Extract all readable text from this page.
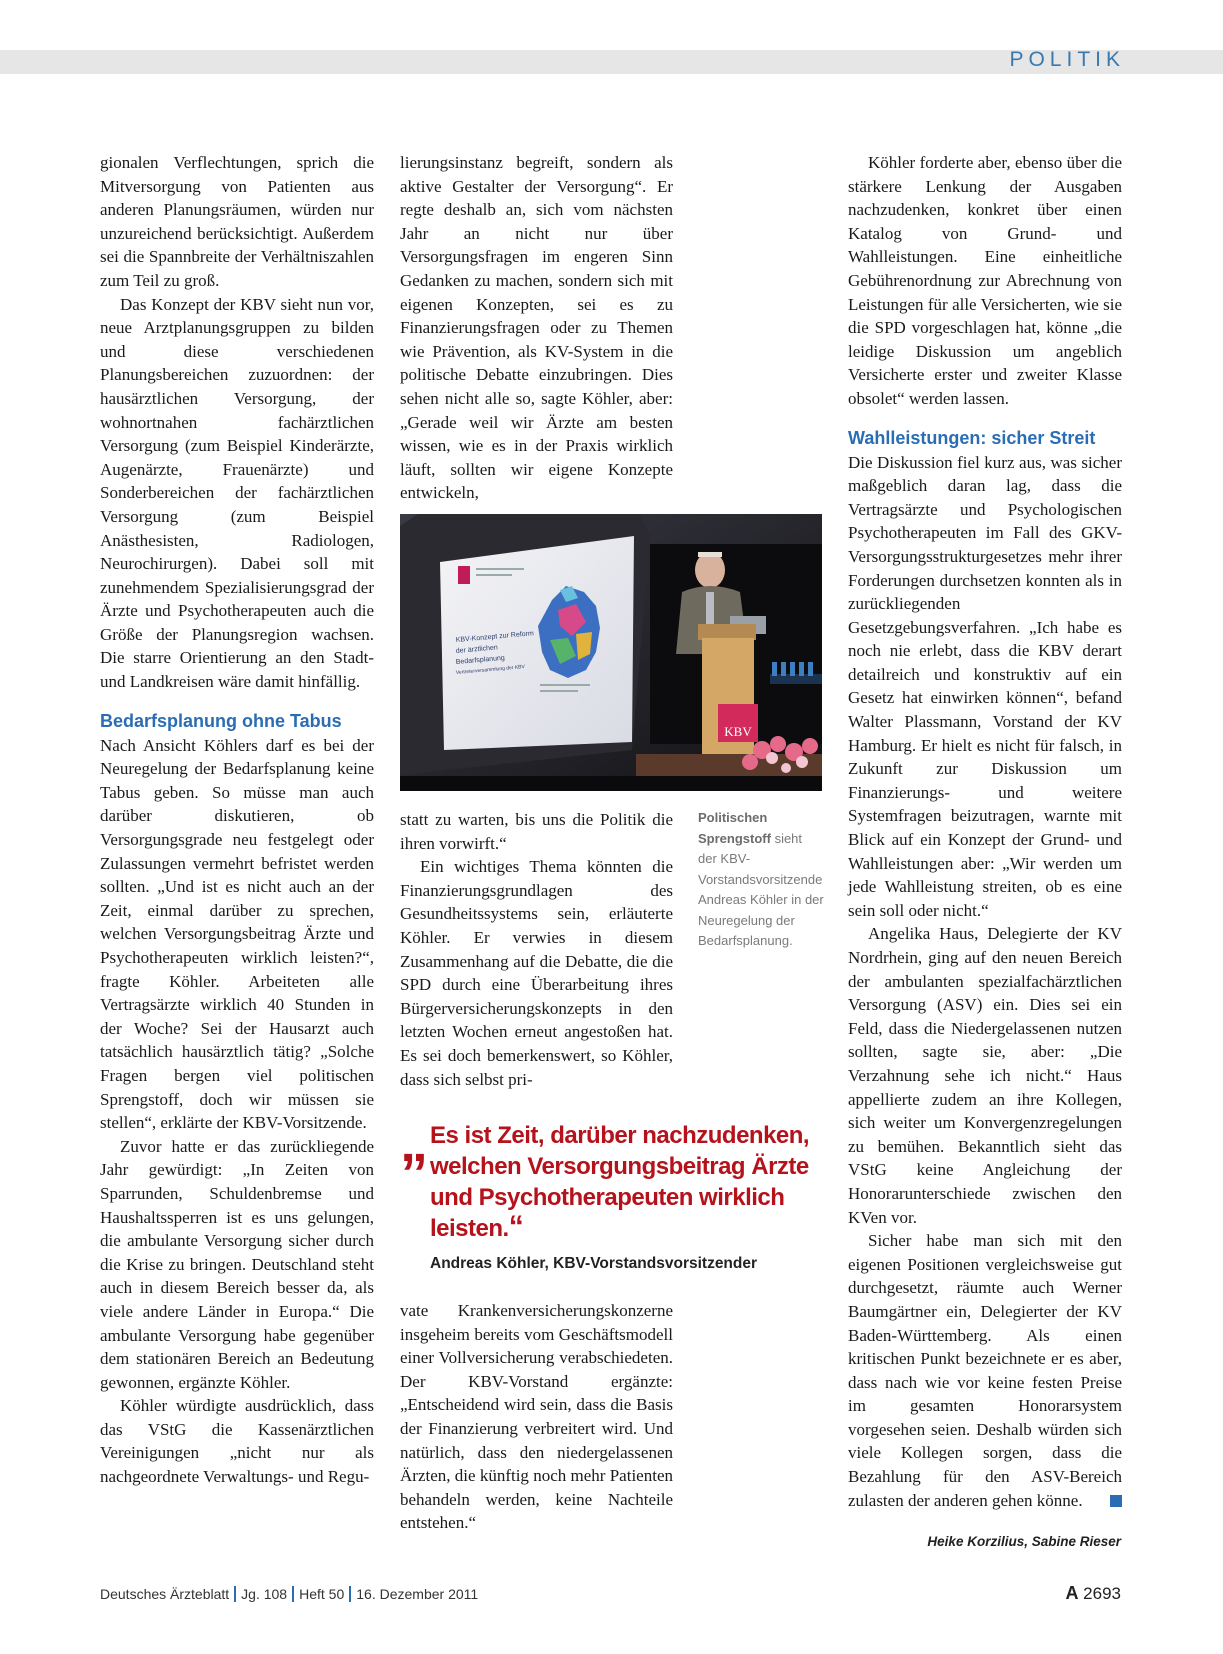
POLITIK

gionalen Verflechtungen, sprich die Mitversorgung von Patienten aus anderen Planungsräumen, würden nur unzureichend berücksichtigt. Außerdem sei die Spannbreite der Verhältniszahlen zum Teil zu groß.

Das Konzept der KBV sieht nun vor, neue Arztplanungsgruppen zu bilden und diese verschiedenen Planungsbereichen zuzuordnen: der hausärztlichen Versorgung, der wohnortnahen fachärztlichen Versorgung (zum Beispiel Kinderärzte, Augenärzte, Frauenärzte) und Sonderbereichen der fachärztlichen Versorgung (zum Beispiel Anästhesisten, Radiologen, Neurochirurgen). Dabei soll mit zunehmendem Spezialisierungsgrad der Ärzte und Psychotherapeuten auch die Größe der Planungsregion wachsen. Die starre Orientierung an den Stadt- und Landkreisen wäre damit hinfällig.

Bedarfsplanung ohne Tabus

Nach Ansicht Köhlers darf es bei der Neuregelung der Bedarfsplanung keine Tabus geben. So müsse man auch darüber diskutieren, ob Versorgungsgrade neu festgelegt oder Zulassungen vermehrt befristet werden sollten. „Und ist es nicht auch an der Zeit, einmal darüber zu sprechen, welchen Versorgungsbeitrag Ärzte und Psychotherapeuten wirklich leisten?“, fragte Köhler. Arbeiteten alle Vertragsärzte wirklich 40 Stunden in der Woche? Sei der Hausarzt auch tatsächlich hausärztlich tätig? „Solche Fragen bergen viel politischen Sprengstoff, doch wir müssen sie stellen“, erklärte der KBV-Vorsitzende.

Zuvor hatte er das zurückliegende Jahr gewürdigt: „In Zeiten von Sparrunden, Schuldenbremse und Haushaltssperren ist es uns gelungen, die ambulante Versorgung sicher durch die Krise zu bringen. Deutschland steht auch in diesem Bereich besser da, als viele andere Länder in Europa.“ Die ambulante Versorgung habe gegenüber dem stationären Bereich an Bedeutung gewonnen, ergänzte Köhler.

Köhler würdigte ausdrücklich, dass das VStG die Kassenärztlichen Vereinigungen „nicht nur als nachgeordnete Verwaltungs- und Regu-

lierungsinstanz begreift, sondern als aktive Gestalter der Versorgung“. Er regte deshalb an, sich vom nächsten Jahr an nicht nur über Versorgungsfragen im engeren Sinn Gedanken zu machen, sondern sich mit eigenen Konzepten, sei es zu Finanzierungsfragen oder zu Themen wie Prävention, als KV-System in die politische Debatte einzubringen. Dies sehen nicht alle so, sagte Köhler, aber: „Gerade weil wir Ärzte am besten wissen, wie es in der Praxis wirklich läuft, sollten wir eigene Konzepte entwickeln,

KBV-Konzept zur Reform
der ärztlichen
Bedarfsplanung
Vertreterversammlung der KBV
KBV

statt zu warten, bis uns die Politik die ihren vorwirft.“

Ein wichtiges Thema könnten die Finanzierungsgrundlagen des Gesundheitssystems sein, erläuterte Köhler. Er verwies in diesem Zusammenhang auf die Debatte, die die SPD durch eine Überarbeitung ihres Bürgerversicherungskonzepts in den letzten Wochen erneut angestoßen hat. Es sei doch bemerkenswert, so Köhler, dass sich selbst pri-

Politischen Sprengstoff sieht der KBV-Vorstandsvorsitzende Andreas Köhler in der Neuregelung der Bedarfsplanung.
„ Es ist Zeit, darüber nachzudenken, welchen Versorgungsbeitrag Ärzte und Psychotherapeuten wirklich leisten.“
Andreas Köhler, KBV-Vorstandsvorsitzender

vate Krankenversicherungskonzerne insgeheim bereits vom Geschäftsmodell einer Vollversicherung verabschiedeten. Der KBV-Vorstand ergänzte: „Entscheidend wird sein, dass die Basis der Finanzierung verbreitert wird. Und natürlich, dass den niedergelassenen Ärzten, die künftig noch mehr Patienten behandeln werden, keine Nachteile entstehen.“

Köhler forderte aber, ebenso über die stärkere Lenkung der Ausgaben nachzudenken, konkret über einen Katalog von Grund- und Wahlleistungen. Eine einheitliche Gebührenordnung zur Abrechnung von Leistungen für alle Versicherten, wie sie die SPD vorgeschlagen hat, könne „die leidige Diskussion um angeblich Versicherte erster und zweiter Klasse obsolet“ werden lassen.

Wahlleistungen: sicher Streit

Die Diskussion fiel kurz aus, was sicher maßgeblich daran lag, dass die Vertragsärzte und Psychologischen Psychotherapeuten im Fall des GKV-Versorgungsstrukturgesetzes mehr ihrer Forderungen durchsetzen konnten als in zurückliegenden Gesetzgebungsverfahren. „Ich habe es noch nie erlebt, dass die KBV derart detailreich und konstruktiv auf ein Gesetz hat einwirken können“, befand Walter Plassmann, Vorstand der KV Hamburg. Er hielt es nicht für falsch, in Zukunft zur Diskussion um Finanzierungs- und weitere Systemfragen beizutragen, warnte mit Blick auf ein Konzept der Grund- und Wahlleistungen aber: „Wir werden um jede Wahlleistung streiten, ob es eine sein soll oder nicht.“

Angelika Haus, Delegierte der KV Nordrhein, ging auf den neuen Bereich der ambulanten spezialfachärztlichen Versorgung (ASV) ein. Dies sei ein Feld, dass die Niedergelassenen nutzen sollten, sagte sie, aber: „Die Verzahnung sehe ich nicht.“ Haus appellierte zudem an ihre Kollegen, sich weiter um Konvergenzregelungen zu bemühen. Bekanntlich sieht das VStG keine Angleichung der Honorarunterschiede zwischen den KVen vor.

Sicher habe man sich mit den eigenen Positionen vergleichsweise gut durchgesetzt, räumte auch Werner Baumgärtner ein, Delegierter der KV Baden-Württemberg. Als einen kritischen Punkt bezeichnete er es aber, dass nach wie vor keine festen Preise im gesamten Honorarsystem vorgesehen seien. Deshalb würden sich viele Kollegen sorgen, dass die Bezahlung für den ASV-Bereich zulasten der anderen gehen könne.

Heike Korzilius, Sabine Rieser
Deutsches Ärzteblatt Jg. 108 Heft 50 16. Dezember 2011	A 2693
